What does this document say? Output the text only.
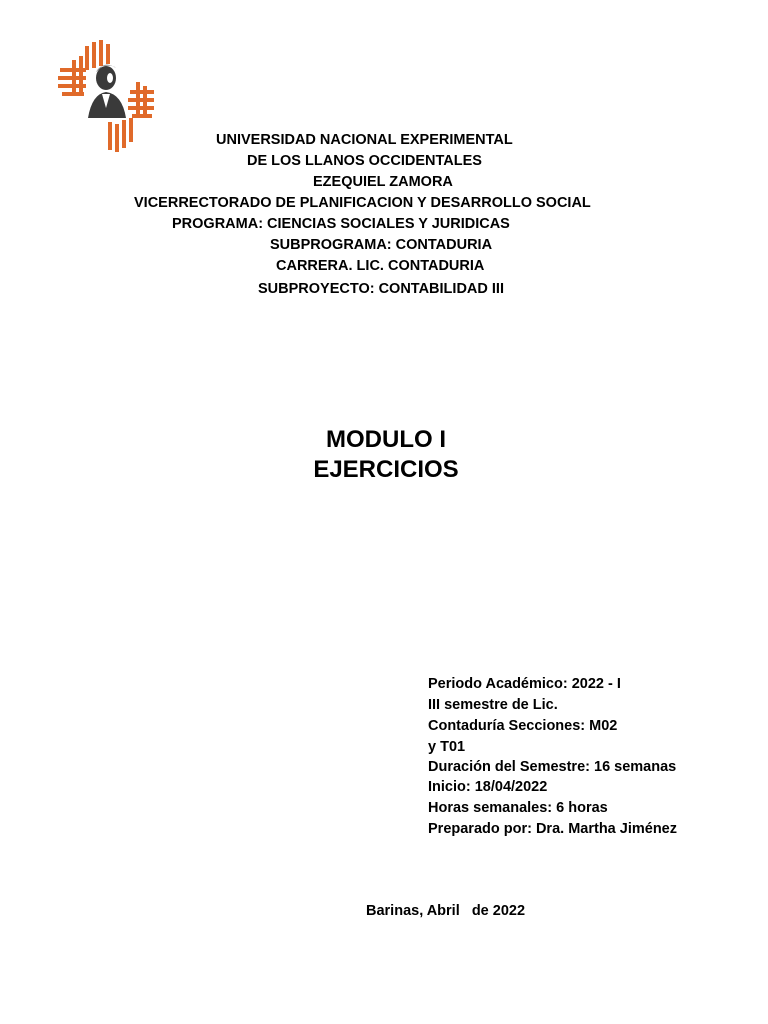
UNIVERSIDAD NACIONAL EXPERIMENTAL
DE LOS LLANOS OCCIDENTALES
EZEQUIEL ZAMORA
VICERRECTORADO DE PLANIFICACION Y DESARROLLO SOCIAL
PROGRAMA: CIENCIAS SOCIALES Y JURIDICAS
SUBPROGRAMA: CONTADURIA
CARRERA. LIC. CONTADURIA
SUBPROYECTO: CONTABILIDAD III
MODULO I
EJERCICIOS
Periodo Académico: 2022 - I
III semestre de Lic.
Contaduría Secciones: M02
y T01
Duración del Semestre: 16 semanas
Inicio: 18/04/2022
Horas semanales: 6 horas
Preparado por: Dra. Martha Jiménez
Barinas, Abril   de 2022
